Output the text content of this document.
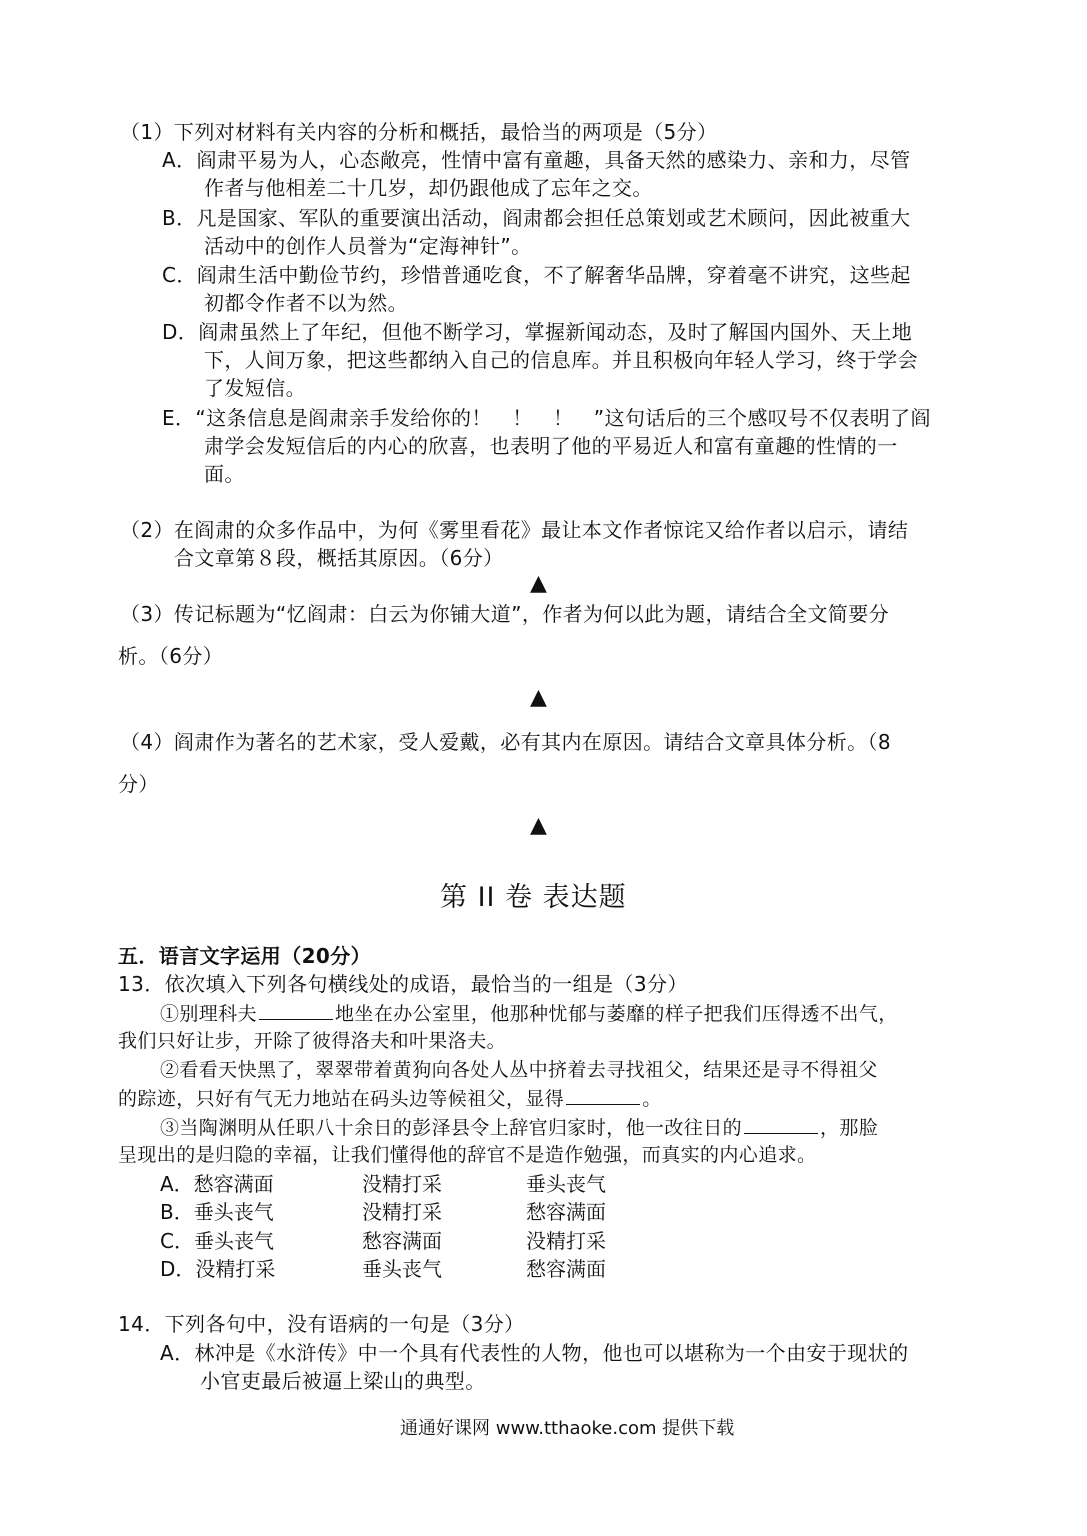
（1）下列对材料有关内容的分析和概括，最恰当的两项是（5分）
A．阎肃平易为人，心态敞亮，性情中富有童趣，具备天然的感染力、亲和力，尽管
作者与他相差二十几岁，却仍跟他成了忘年之交。
B．凡是国家、军队的重要演出活动，阎肃都会担任总策划或艺术顾问，因此被重大
活动中的创作人员誉为“定海神针”。
C．阎肃生活中勤俭节约，珍惜普通吃食，不了解奢华品牌，穿着毫不讲究，这些起
初都令作者不以为然。
D．阎肃虽然上了年纪，但他不断学习，掌握新闻动态，及时了解国内国外、天上地
下，人间万象，把这些都纳入自己的信息库。并且积极向年轻人学习，终于学会
了发短信。
E．“这条信息是阎肃亲手发给你的！　！　！　”这句话后的三个感叹号不仅表明了阎
肃学会发短信后的内心的欣喜，也表明了他的平易近人和富有童趣的性情的一
面。
（2）在阎肃的众多作品中，为何《雾里看花》最让本文作者惊诧又给作者以启示，请结
合文章第８段，概括其原因。（6分）
▲
（3）传记标题为“忆阎肃：白云为你铺大道”，作者为何以此为题，请结合全文简要分
析。（6分）
▲
（4）阎肃作为著名的艺术家，受人爱戴，必有其内在原因。请结合文章具体分析。（8
分）
▲
第 II 卷 表达题
五．语言文字运用（20分）
13．依次填入下列各句横线处的成语，最恰当的一组是（3分）
①别理科夫	地坐在办公室里，他那种忧郁与萎靡的样子把我们压得透不出气，
我们只好让步，开除了彼得洛夫和叶果洛夫。
②看看天快黑了，翠翠带着黄狗向各处人丛中挤着去寻找祖父，结果还是寻不得祖父
的踪迹，只好有气无力地站在码头边等候祖父，显得	。
③当陶渊明从任职八十余日的彭泽县令上辞官归家时，他一改往日的	，那脸
呈现出的是归隐的幸福，让我们懂得他的辞官不是造作勉强，而真实的内心追求。
A．愁容满面	没精打采	垂头丧气
B．垂头丧气	没精打采	愁容满面
C．垂头丧气	愁容满面	没精打采
D．没精打采	垂头丧气	愁容满面
14．下列各句中，没有语病的一句是（3分）
A．林冲是《水浒传》中一个具有代表性的人物，他也可以堪称为一个由安于现状的
小官吏最后被逼上梁山的典型。
通通好课网 www.tthaoke.com 提供下载
